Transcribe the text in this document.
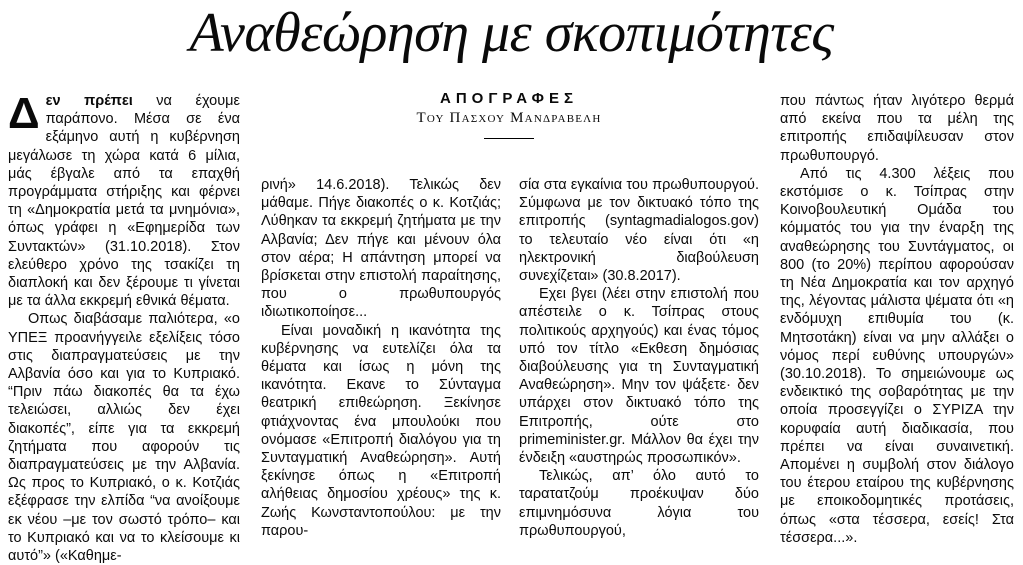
Αναθεώρηση με σκοπιμότητες

Δεν πρέπει να έχουμε παράπονο. Μέσα σε ένα εξάμηνο αυτή η κυβέρνηση μεγάλωσε τη χώρα κατά 6 μίλια, μάς έβγαλε από τα επαχθή προγράμματα στήριξης και φέρνει τη «Δημοκρατία μετά τα μνημόνια», όπως γράφει η «Εφημερίδα των Συντακτών» (31.10.2018). Στον ελεύθερο χρόνο της τσακίζει τη διαπλοκή και δεν ξέρουμε τι γίνεται με τα άλλα εκκρεμή εθνικά θέματα.

Οπως διαβάσαμε παλιότερα, «ο ΥΠΕΞ προανήγγειλε εξελίξεις τόσο στις διαπραγματεύσεις με την Αλβανία όσο και για το Κυπριακό. “Πριν πάω διακοπές θα τα έχω τελειώσει, αλλιώς δεν έχει διακοπές”, είπε για τα εκκρεμή ζητήματα που αφορούν τις διαπραγματεύσεις με την Αλβανία. Ως προς το Κυπριακό, ο κ. Κοτζιάς εξέφρασε την ελπίδα “να ανοίξουμε εκ νέου –με τον σωστό τρόπο– και το Κυπριακό και να το κλείσουμε κι αυτό”» («Καθημε-

ΑΠΟΓΡΑΦΕΣ
Του Πασχου Μανδραβελη

ρινή» 14.6.2018). Τελικώς δεν μάθαμε. Πήγε διακοπές ο κ. Κοτζιάς; Λύθηκαν τα εκκρεμή ζητήματα με την Αλβανία; Δεν πήγε και μένουν όλα στον αέρα; Η απάντηση μπορεί να βρίσκεται στην επιστολή παραίτησης, που ο πρωθυπουργός ιδιωτικοποίησε...

Είναι μοναδική η ικανότητα της κυβέρνησης να ευτελίζει όλα τα θέματα και ίσως η μόνη της ικανότητα. Εκανε το Σύνταγμα θεατρική επιθεώρηση. Ξεκίνησε φτιάχνοντας ένα μπουλούκι που ονόμασε «Επιτροπή διαλόγου για τη Συνταγματική Αναθεώρηση». Αυτή ξεκίνησε όπως η «Επιτροπή αλήθειας δημοσίου χρέους» της κ. Ζωής Κωνσταντοπούλου: με την παρου-

σία στα εγκαίνια του πρωθυπουργού. Σύμφωνα με τον δικτυακό τόπο της επιτροπής (syntagmadialogos.gov) το τελευταίο νέο είναι ότι «η ηλεκτρονική διαβούλευση συνεχίζεται» (30.8.2017).

Εχει βγει (λέει στην επιστολή που απέστειλε ο κ. Τσίπρας στους πολιτικούς αρχηγούς) και ένας τόμος υπό τον τίτλο «Εκθεση δημόσιας διαβούλευσης για τη Συνταγματική Αναθεώρηση». Μην τον ψάξετε· δεν υπάρχει στον δικτυακό τόπο της Επιτροπής, ούτε στο primeminister.gr. Μάλλον θα έχει την ένδειξη «αυστηρώς προσωπικόν».

Τελικώς, απ’ όλο αυτό το ταρατατζούμ προέκυψαν δύο επιμνημόσυνα λόγια του πρωθυπουργού,

που πάντως ήταν λιγότερο θερμά από εκείνα που τα μέλη της επιτροπής επιδαψίλευσαν στον πρωθυπουργό.

Από τις 4.300 λέξεις που εκστόμισε ο κ. Τσίπρας στην Κοινοβουλευτική Ομάδα του κόμματός του για την έναρξη της αναθεώρησης του Συντάγματος, οι 800 (το 20%) περίπου αφορούσαν τη Νέα Δημοκρατία και τον αρχηγό της, λέγοντας μάλιστα ψέματα ότι «η ενδόμυχη επιθυμία του (κ. Μητσοτάκη) είναι να μην αλλάξει ο νόμος περί ευθύνης υπουργών» (30.10.2018). Το σημειώνουμε ως ενδεικτικό της σοβαρότητας με την οποία προσεγγίζει ο ΣΥΡΙΖΑ την κορυφαία αυτή διαδικασία, που πρέπει να είναι συναινετική. Απομένει η συμβολή στον διάλογο του έτερου εταίρου της κυβέρνησης με εποικοδομητικές προτάσεις, όπως «στα τέσσερα, εσείς! Στα τέσσερα...».
